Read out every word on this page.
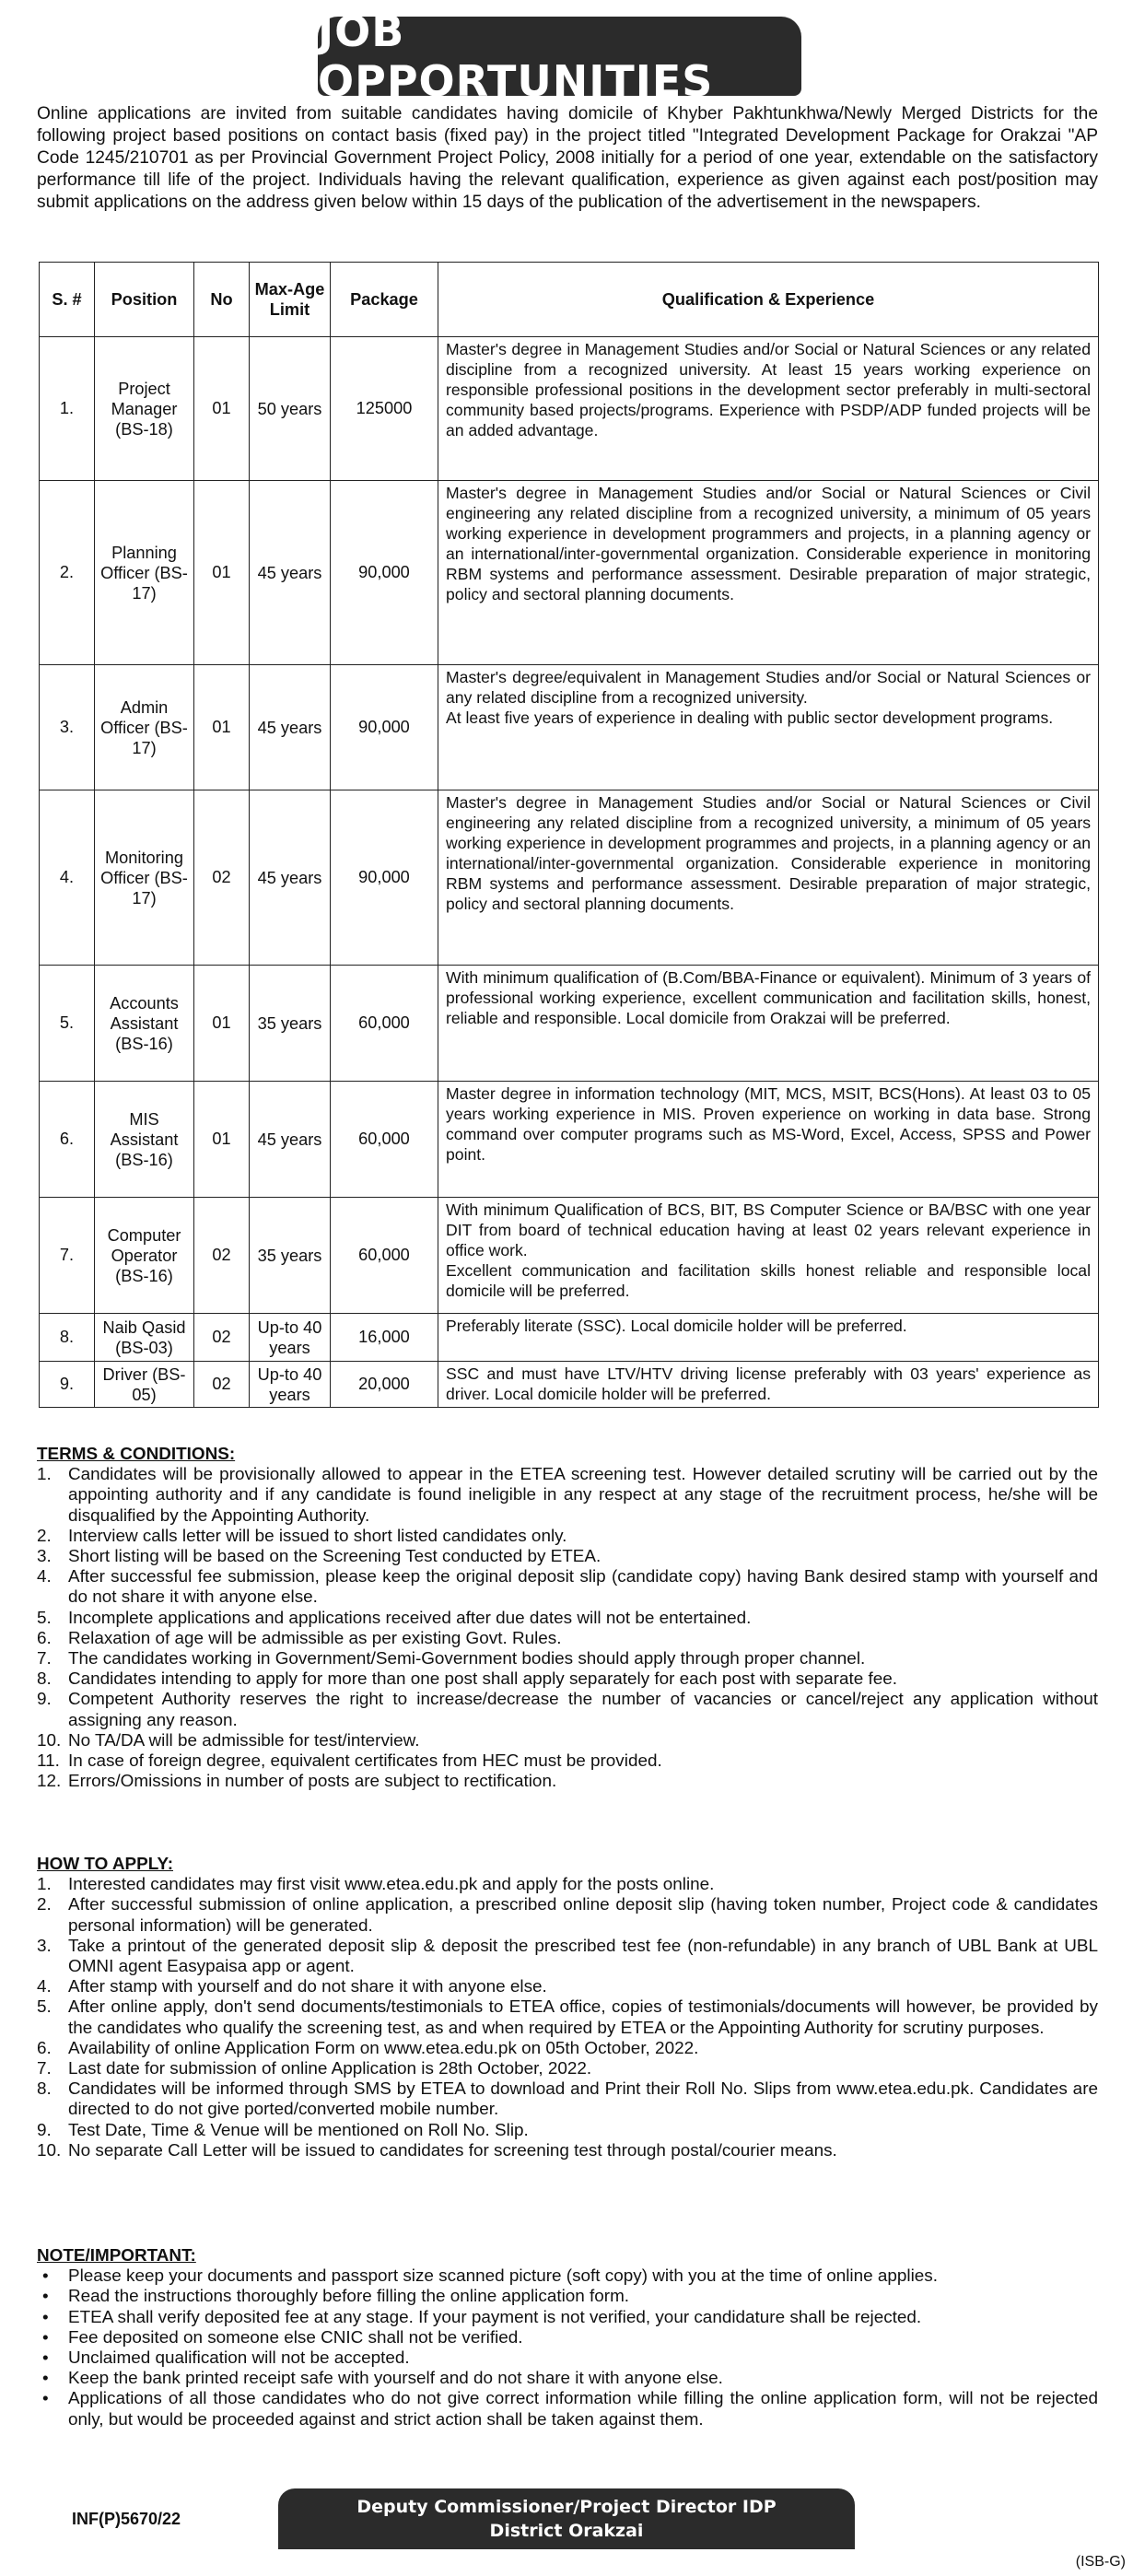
JOB OPPORTUNITIES
Online applications are invited from suitable candidates having domicile of Khyber Pakhtunkhwa/Newly Merged Districts for the following project based positions on contact basis (fixed pay) in the project titled "Integrated Development Package for Orakzai "AP Code 1245/210701 as per Provincial Government Project Policy, 2008 initially for a period of one year, extendable on the satisfactory performance till life of the project. Individuals having the relevant qualification, experience as given against each post/position may submit applications on the address given below within 15 days of the publication of the advertisement in the newspapers.
S. #	Position	No	Max-Age Limit	Package	Qualification & Experience
1.	Project Manager (BS-18)	01	50 years	125000	Master's degree in Management Studies and/or Social or Natural Sciences or any related discipline from a recognized university. At least 15 years working experience on responsible professional positions in the development sector preferably in multi-sectoral community based projects/programs. Experience with PSDP/ADP funded projects will be an added advantage.
2.	Planning Officer (BS-17)	01	45 years	90,000	Master's degree in Management Studies and/or Social or Natural Sciences or Civil engineering any related discipline from a recognized university, a minimum of 05 years working experience in development programmers and projects, in a planning agency or an international/inter-governmental organization. Considerable experience in monitoring RBM systems and performance assessment. Desirable preparation of major strategic, policy and sectoral planning documents.
3.	Admin Officer (BS-17)	01	45 years	90,000	Master's degree/equivalent in Management Studies and/or Social or Natural Sciences or any related discipline from a recognized university.
At least five years of experience in dealing with public sector development programs.
4.	Monitoring Officer (BS-17)	02	45 years	90,000	Master's degree in Management Studies and/or Social or Natural Sciences or Civil engineering any related discipline from a recognized university, a minimum of 05 years working experience in development programmes and projects, in a planning agency or an international/inter-governmental organization. Considerable experience in monitoring RBM systems and performance assessment. Desirable preparation of major strategic, policy and sectoral planning documents.
5.	Accounts Assistant (BS-16)	01	35 years	60,000	With minimum qualification of (B.Com/BBA-Finance or equivalent). Minimum of 3 years of professional working experience, excellent communication and facilitation skills, honest, reliable and responsible. Local domicile from Orakzai will be preferred.
6.	MIS Assistant (BS-16)	01	45 years	60,000	Master degree in information technology (MIT, MCS, MSIT, BCS(Hons). At least 03 to 05 years working experience in MIS. Proven experience on working in data base. Strong command over computer programs such as MS-Word, Excel, Access, SPSS and Power point.
7.	Computer Operator (BS-16)	02	35 years	60,000	With minimum Qualification of BCS, BIT, BS Computer Science or BA/BSC with one year DIT from board of technical education having at least 02 years relevant experience in office work.
Excellent communication and facilitation skills honest reliable and responsible local domicile will be preferred.
8.	Naib Qasid (BS-03)	02	Up-to 40 years	16,000	Preferably literate (SSC). Local domicile holder will be preferred.
9.	Driver (BS-05)	02	Up-to 40 years	20,000	SSC and must have LTV/HTV driving license preferably with 03 years' experience as driver. Local domicile holder will be preferred.
TERMS & CONDITIONS:
1. Candidates will be provisionally allowed to appear in the ETEA screening test. However detailed scrutiny will be carried out by the appointing authority and if any candidate is found ineligible in any respect at any stage of the recruitment process, he/she will be disqualified by the Appointing Authority.
2. Interview calls letter will be issued to short listed candidates only.
3. Short listing will be based on the Screening Test conducted by ETEA.
4. After successful fee submission, please keep the original deposit slip (candidate copy) having Bank desired stamp with yourself and do not share it with anyone else.
5. Incomplete applications and applications received after due dates will not be entertained.
6. Relaxation of age will be admissible as per existing Govt. Rules.
7. The candidates working in Government/Semi-Government bodies should apply through proper channel.
8. Candidates intending to apply for more than one post shall apply separately for each post with separate fee.
9. Competent Authority reserves the right to increase/decrease the number of vacancies or cancel/reject any application without assigning any reason.
10. No TA/DA will be admissible for test/interview.
11. In case of foreign degree, equivalent certificates from HEC must be provided.
12. Errors/Omissions in number of posts are subject to rectification.
HOW TO APPLY:
1. Interested candidates may first visit www.etea.edu.pk and apply for the posts online.
2. After successful submission of online application, a prescribed online deposit slip (having token number, Project code & candidates personal information) will be generated.
3. Take a printout of the generated deposit slip & deposit the prescribed test fee (non-refundable) in any branch of UBL Bank at UBL OMNI agent Easypaisa app or agent.
4. After stamp with yourself and do not share it with anyone else.
5. After online apply, don't send documents/testimonials to ETEA office, copies of testimonials/documents will however, be provided by the candidates who qualify the screening test, as and when required by ETEA or the Appointing Authority for scrutiny purposes.
6. Availability of online Application Form on www.etea.edu.pk on 05th October, 2022.
7. Last date for submission of online Application is 28th October, 2022.
8. Candidates will be informed through SMS by ETEA to download and Print their Roll No. Slips from www.etea.edu.pk. Candidates are directed to do not give ported/converted mobile number.
9. Test Date, Time & Venue will be mentioned on Roll No. Slip.
10. No separate Call Letter will be issued to candidates for screening test through postal/courier means.
NOTE/IMPORTANT:
•	Please keep your documents and passport size scanned picture (soft copy) with you at the time of online applies.
•	Read the instructions thoroughly before filling the online application form.
•	ETEA shall verify deposited fee at any stage. If your payment is not verified, your candidature shall be rejected.
•	Fee deposited on someone else CNIC shall not be verified.
•	Unclaimed qualification will not be accepted.
•	Keep the bank printed receipt safe with yourself and do not share it with anyone else.
•	Applications of all those candidates who do not give correct information while filling the online application form, will not be rejected only, but would be proceeded against and strict action shall be taken against them.
INF(P)5670/22
Deputy Commissioner/Project Director IDP
District Orakzai
(ISB-G)
